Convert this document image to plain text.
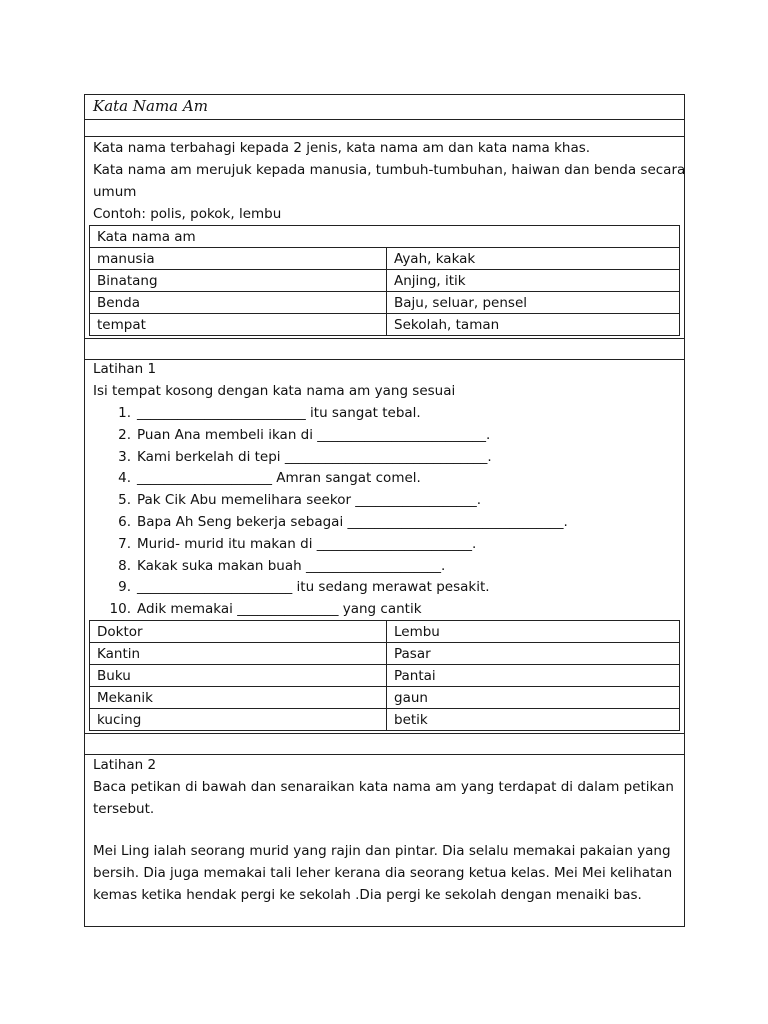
Kata Nama Am
Kata nama terbahagi kepada 2 jenis, kata nama am dan kata nama khas.
Kata nama am merujuk kepada manusia, tumbuh-tumbuhan, haiwan dan benda secara
umum
Contoh: polis, pokok, lembu
Kata nama am	
manusia	Ayah, kakak
Binatang	Anjing, itik
Benda	Baju, seluar, pensel
tempat	Sekolah, taman
Latihan 1
Isi tempat kosong dengan kata nama am yang sesuai
1. _________________________ itu sangat tebal.
2. Puan Ana membeli ikan di _________________________.
3. Kami berkelah di tepi ______________________________.
4. ____________________ Amran sangat comel.
5. Pak Cik Abu memelihara seekor __________________.
6. Bapa Ah Seng bekerja sebagai ________________________________.
7. Murid- murid itu makan di _______________________.
8. Kakak suka makan buah ____________________.
9. _______________________ itu sedang merawat pesakit.
10. Adik memakai _______________ yang cantik
Doktor	Lembu
Kantin	Pasar
Buku	Pantai
Mekanik	gaun
kucing	betik
Latihan 2
Baca petikan di bawah dan senaraikan kata nama am yang terdapat di dalam petikan tersebut.
Mei Ling ialah seorang murid yang rajin dan pintar. Dia selalu memakai pakaian yang bersih. Dia juga memakai tali leher kerana dia seorang ketua kelas. Mei Mei kelihatan kemas ketika hendak pergi ke sekolah .Dia pergi ke sekolah dengan menaiki bas.
